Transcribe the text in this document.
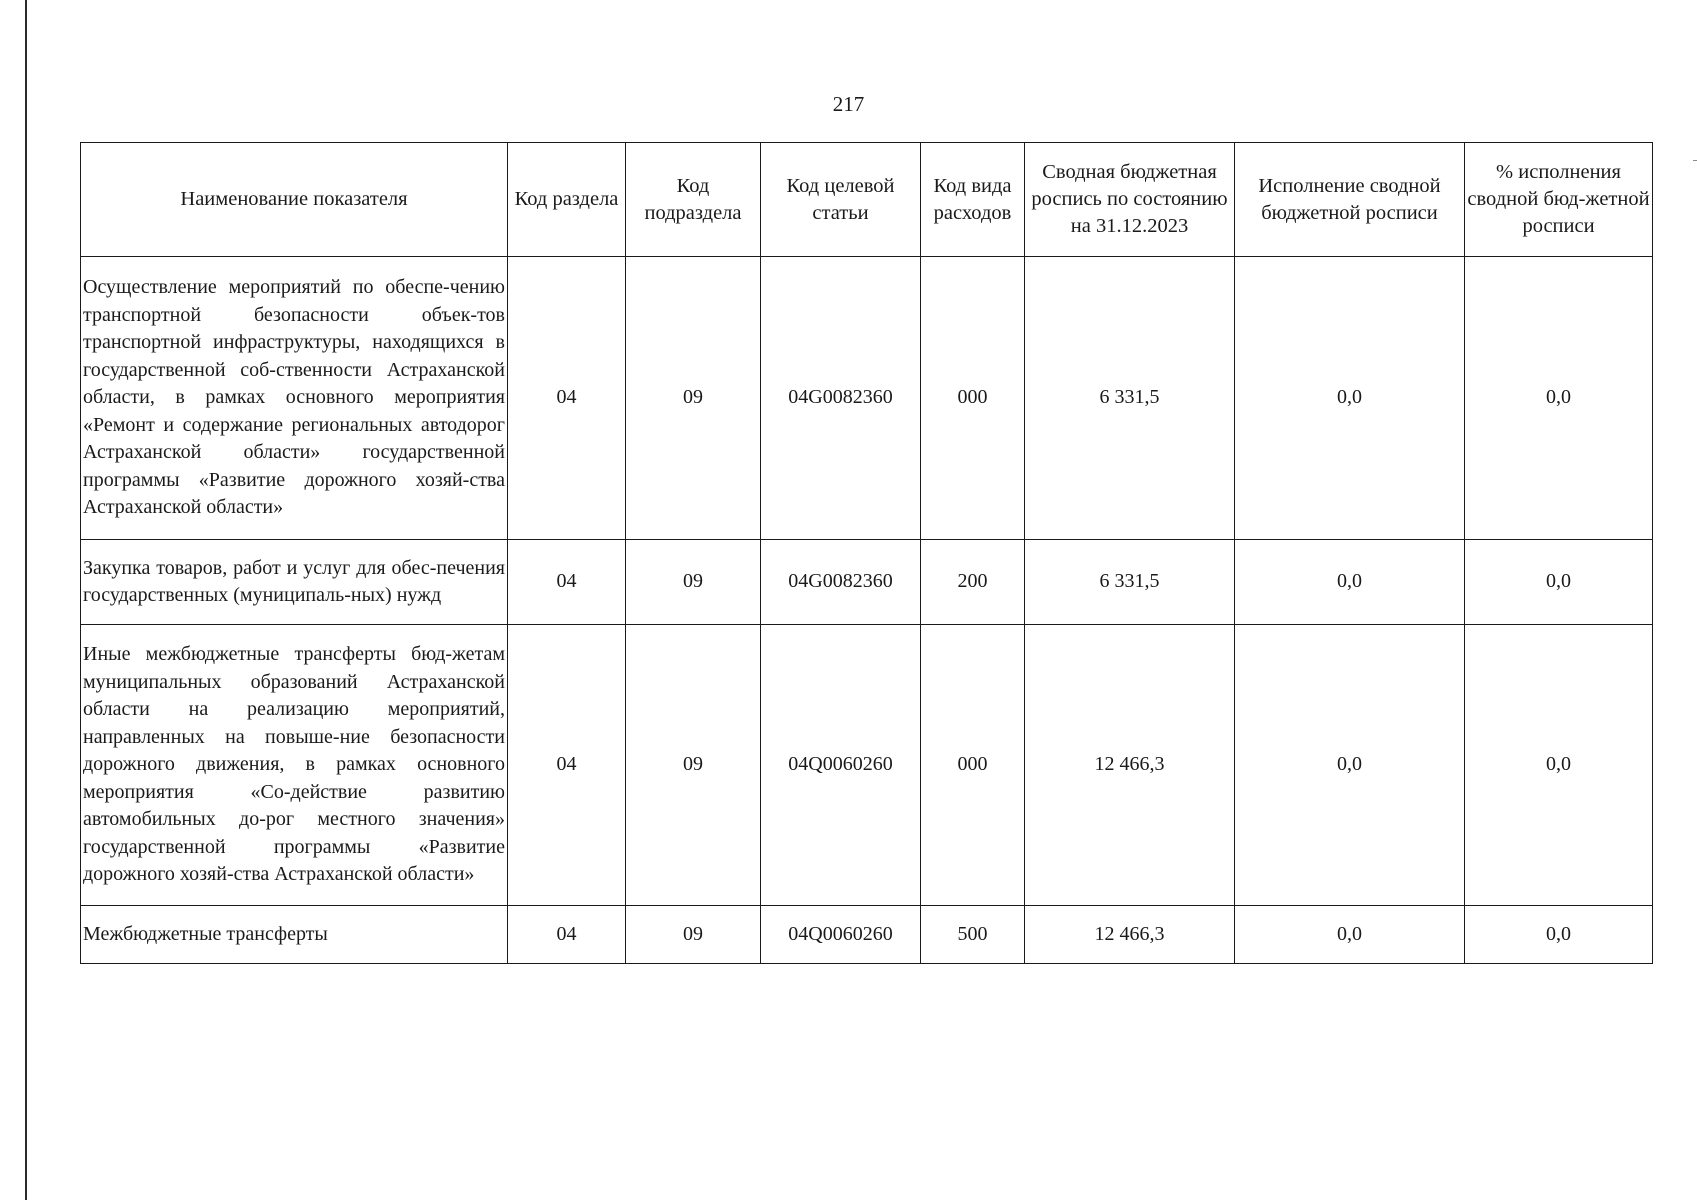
217
Наименование показателя	Код раздела	Код подраздела	Код целевой статьи	Код вида расходов	Сводная бюджетная роспись по состоянию на 31.12.2023	Исполнение сводной бюджетной росписи	% исполнения сводной бюд-жетной росписи
Осуществление мероприятий по обеспе-чению транспортной безопасности объек-тов транспортной инфраструктуры, находящихся в государственной соб-ственности Астраханской области, в рамках основного мероприятия «Ремонт и содержание региональных автодорог Астраханской области» государственной программы «Развитие дорожного хозяй-ства Астраханской области»	04	09	04G0082360	000	6 331,5	0,0	0,0
Закупка товаров, работ и услуг для обес-печения государственных (муниципаль-ных) нужд	04	09	04G0082360	200	6 331,5	0,0	0,0
Иные межбюджетные трансферты бюд-жетам муниципальных образований Астраханской области на реализацию мероприятий, направленных на повыше-ние безопасности дорожного движения, в рамках основного мероприятия «Со-действие развитию автомобильных до-рог местного значения» государственной программы «Развитие дорожного хозяй-ства Астраханской области»	04	09	04Q0060260	000	12 466,3	0,0	0,0
Межбюджетные трансферты	04	09	04Q0060260	500	12 466,3	0,0	0,0
